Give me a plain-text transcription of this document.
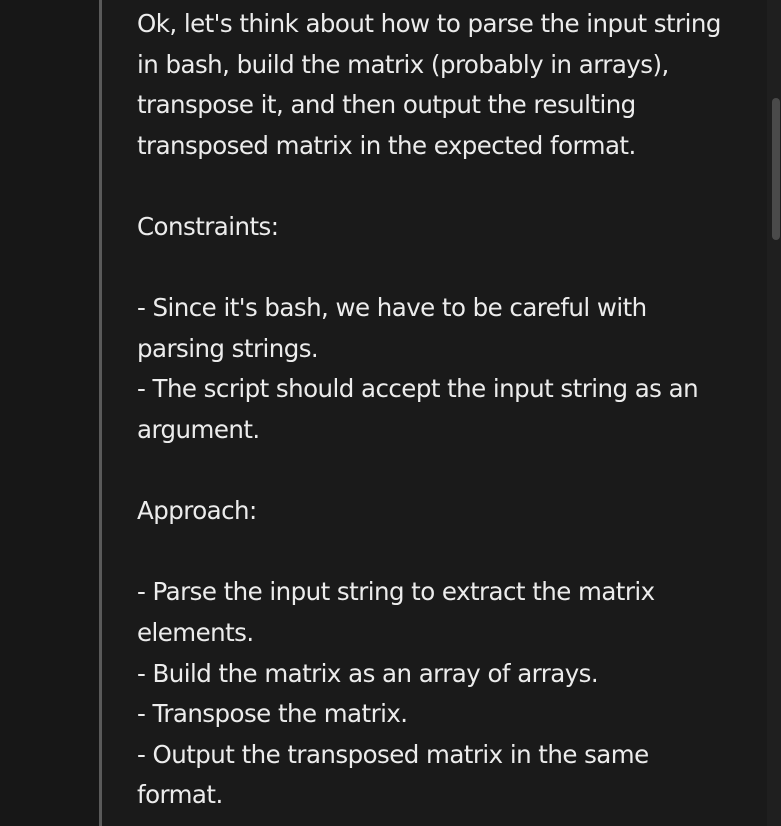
Ok, let's think about how to parse the input string
in bash, build the matrix (probably in arrays),
transpose it, and then output the resulting
transposed matrix in the expected format.
Constraints:
- Since it's bash, we have to be careful with
parsing strings.
- The script should accept the input string as an
argument.
Approach:
- Parse the input string to extract the matrix
elements.
- Build the matrix as an array of arrays.
- Transpose the matrix.
- Output the transposed matrix in the same
format.
